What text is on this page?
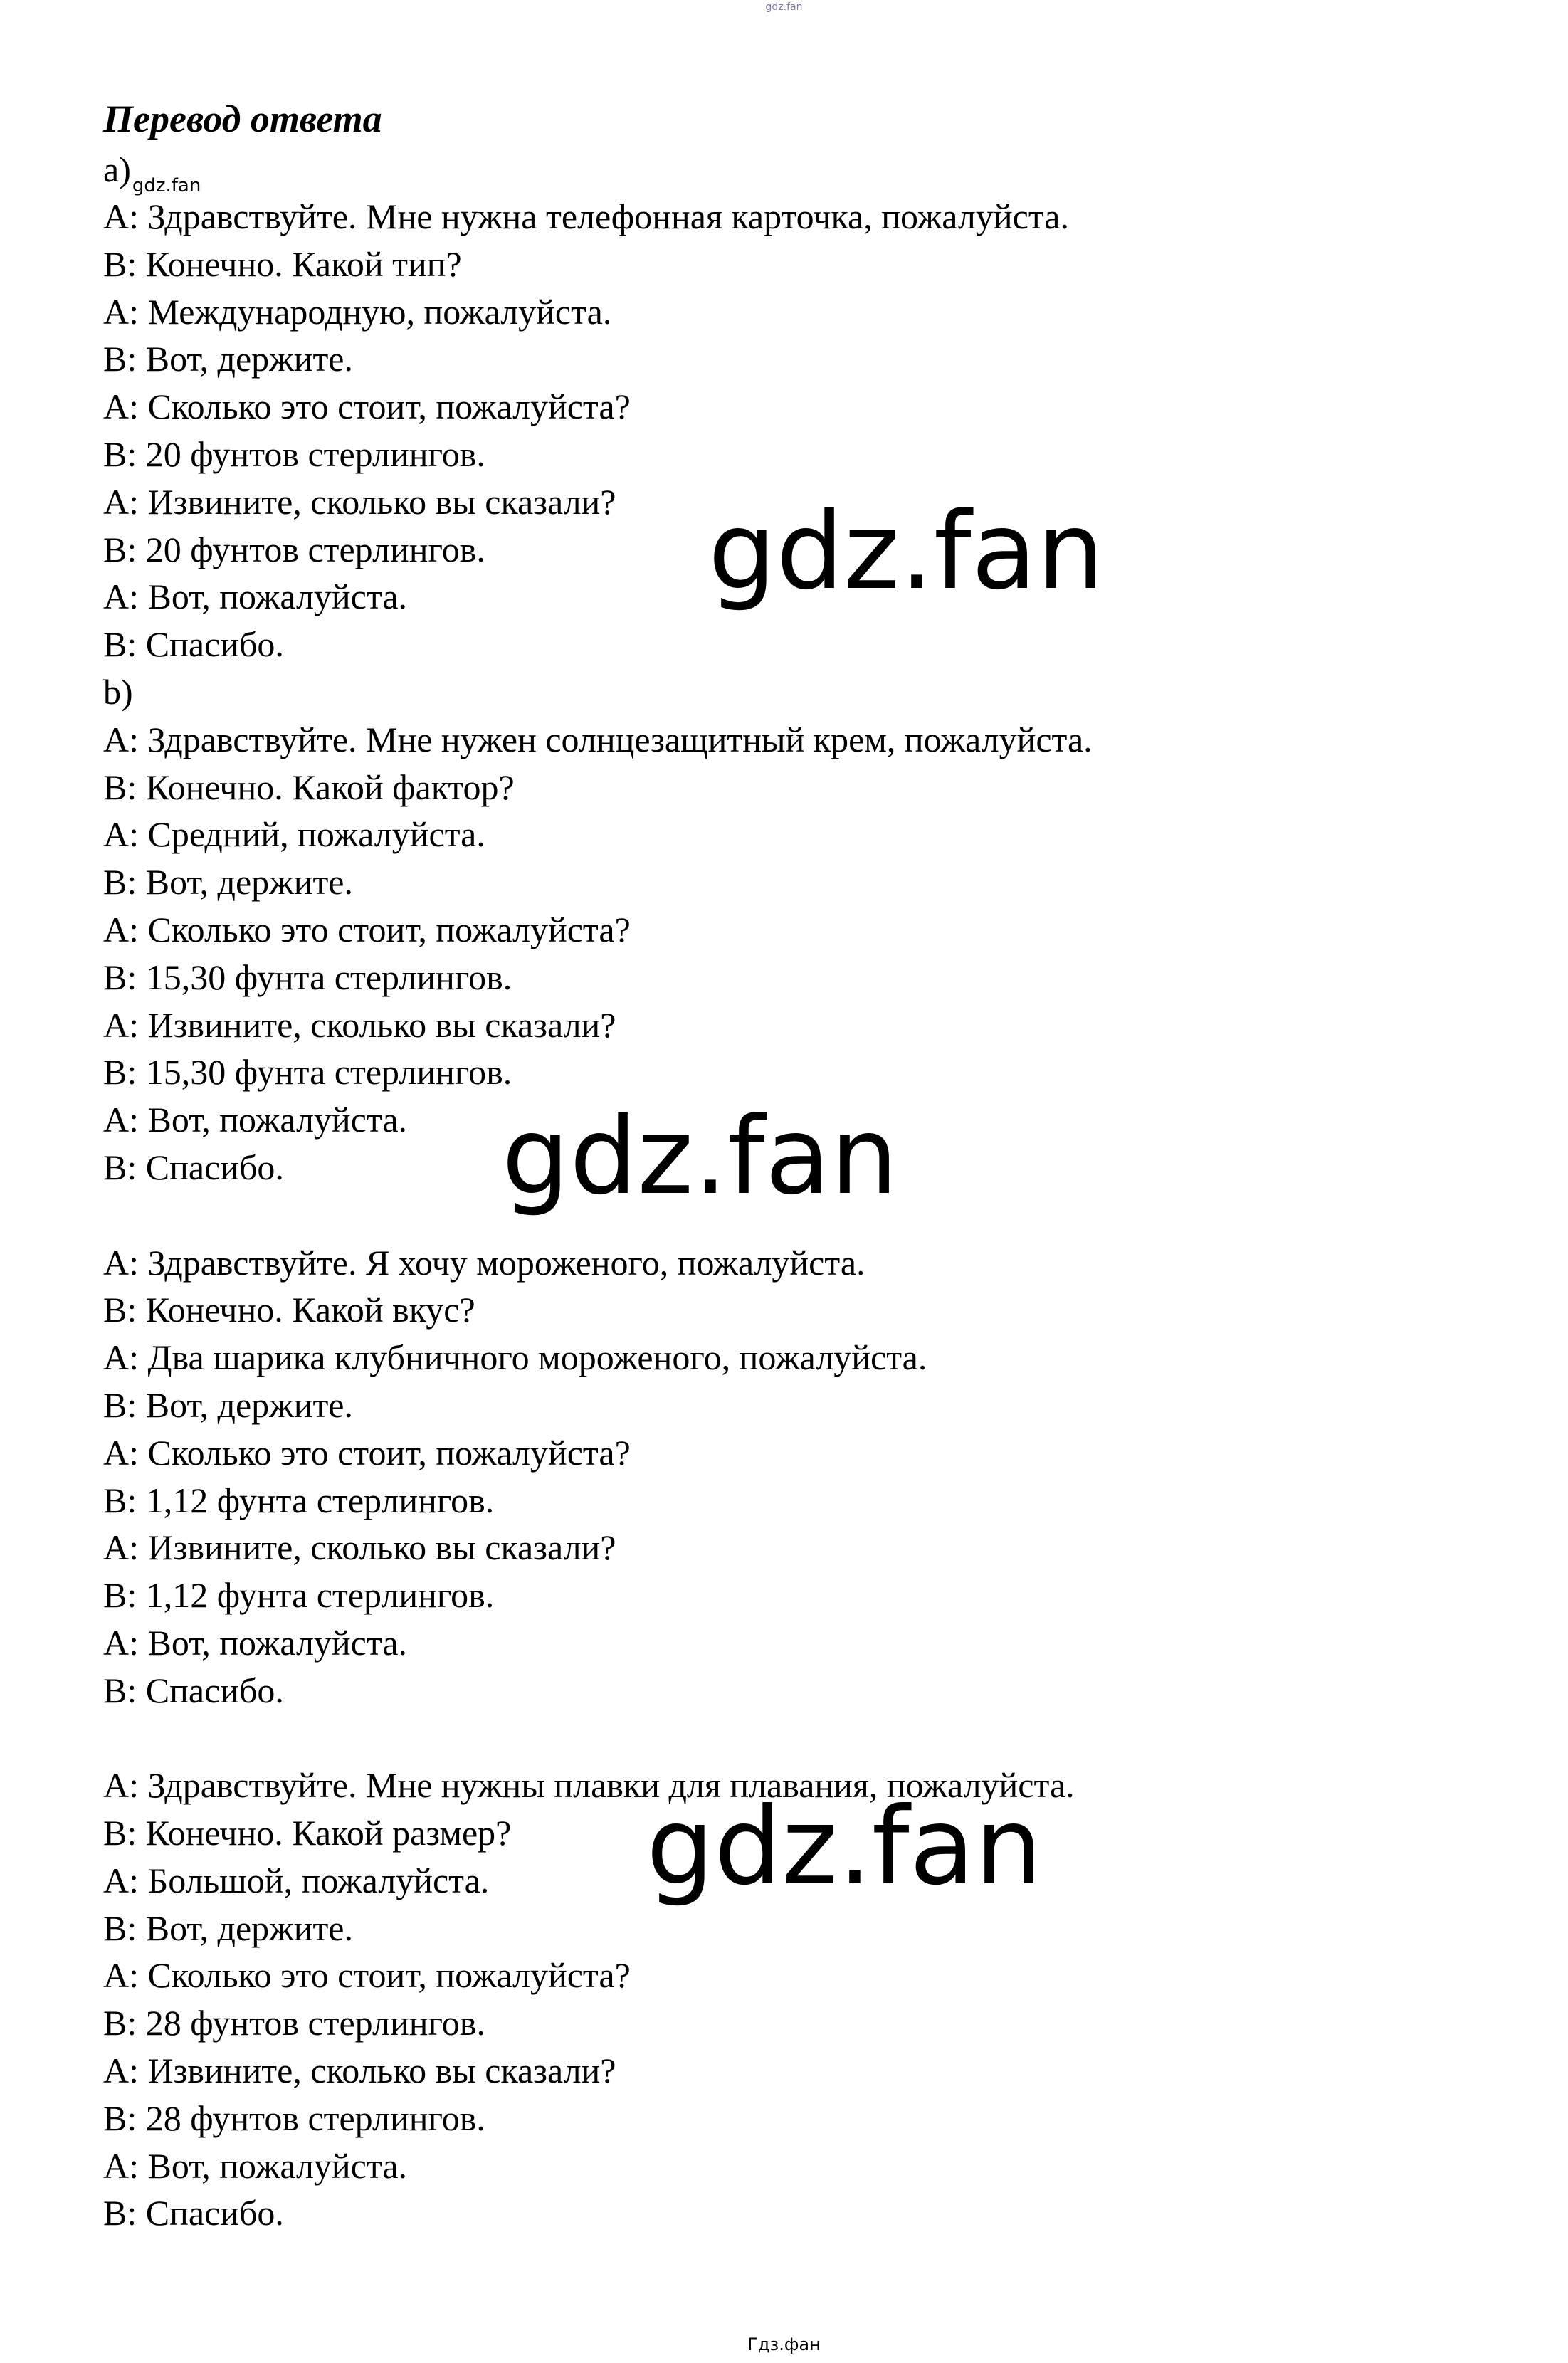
gdz.fan
Перевод ответа
$a)_{gdz.fan}$
A: Здравствуйте. Мне нужна телефонная карточка, пожалуйста.
B: Конечно. Какой тип?
A: Международную, пожалуйста.
B: Вот, держите.
A: Сколько это стоит, пожалуйста?
B: 20 фунтов стерлингов.
A: Извините, сколько вы сказали?
B: 20 фунтов стерлингов.
A: Вот, пожалуйста.
B: Спасибо.
b)
A: Здравствуйте. Мне нужен солнцезащитный крем, пожалуйста.
B: Конечно. Какой фактор?
A: Средний, пожалуйста.
B: Вот, держите.
A: Сколько это стоит, пожалуйста?
B: 15,30 фунта стерлингов.
A: Извините, сколько вы сказали?
B: 15,30 фунта стерлингов.
A: Вот, пожалуйста.
B: Спасибо.
A: Здравствуйте. Я хочу мороженого, пожалуйста.
B: Конечно. Какой вкус?
A: Два шарика клубничного мороженого, пожалуйста.
B: Вот, держите.
A: Сколько это стоит, пожалуйста?
B: 1,12 фунта стерлингов.
A: Извините, сколько вы сказали?
B: 1,12 фунта стерлингов.
A: Вот, пожалуйста.
B: Спасибо.
A: Здравствуйте. Мне нужны плавки для плавания, пожалуйста.
B: Конечно. Какой размер?
A: Большой, пожалуйста.
B: Вот, держите.
A: Сколько это стоит, пожалуйста?
B: 28 фунтов стерлингов.
A: Извините, сколько вы сказали?
B: 28 фунтов стерлингов.
A: Вот, пожалуйста.
B: Спасибо.
gdz.fan
gdz.fan
gdz.fan
Гдз.фан
